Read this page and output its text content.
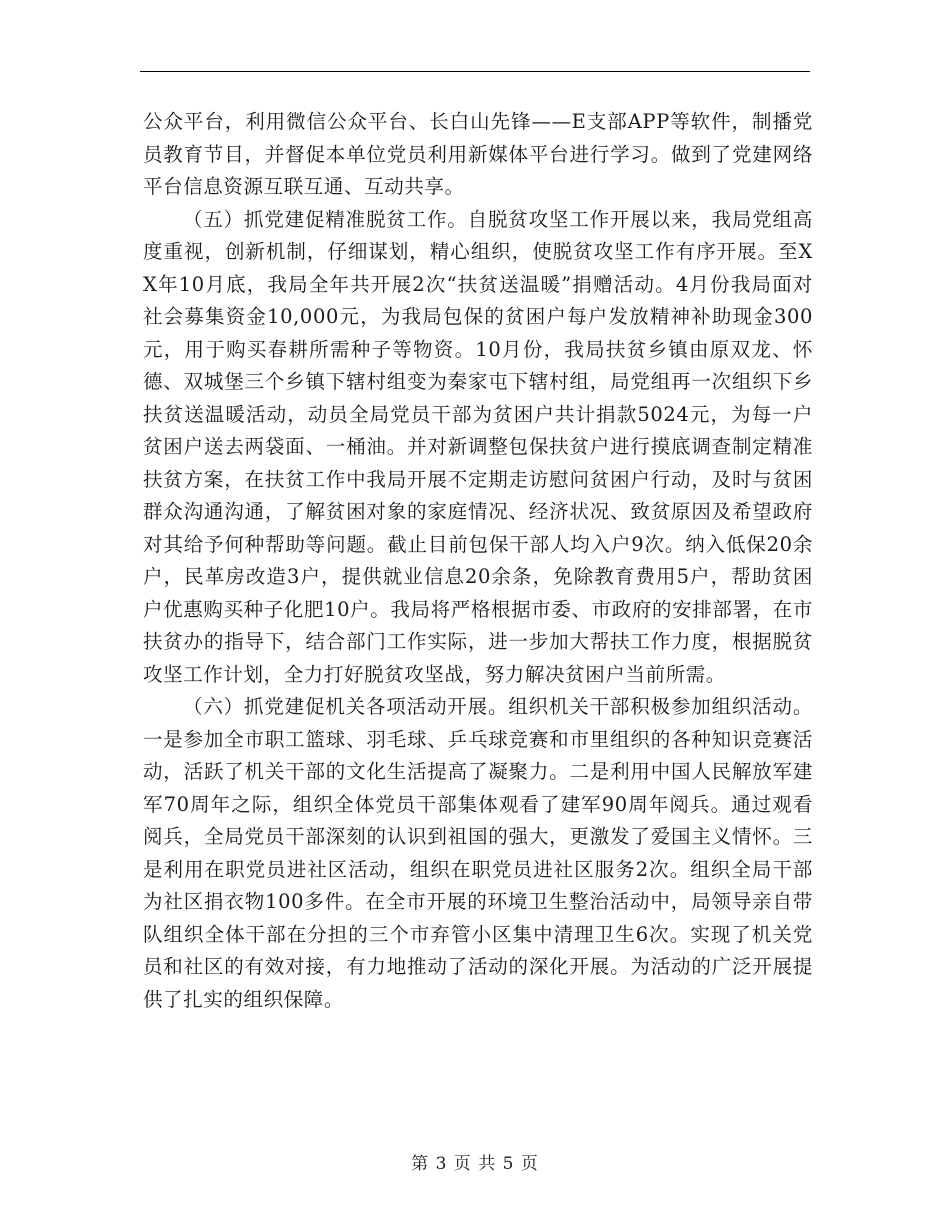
公众平台，利用微信公众平台、长白山先锋——E支部APP等软件，制播党员教育节目，并督促本单位党员利用新媒体平台进行学习。做到了党建网络平台信息资源互联互通、互动共享。

（五）抓党建促精准脱贫工作。自脱贫攻坚工作开展以来，我局党组高度重视，创新机制，仔细谋划，精心组织，使脱贫攻坚工作有序开展。至XX年10月底，我局全年共开展2次“扶贫送温暖”捐赠活动。4月份我局面对社会募集资金10,000元，为我局包保的贫困户每户发放精神补助现金300元，用于购买春耕所需种子等物资。10月份，我局扶贫乡镇由原双龙、怀德、双城堡三个乡镇下辖村组变为秦家屯下辖村组，局党组再一次组织下乡扶贫送温暖活动，动员全局党员干部为贫困户共计捐款5024元，为每一户贫困户送去两袋面、一桶油。并对新调整包保扶贫户进行摸底调查制定精准扶贫方案，在扶贫工作中我局开展不定期走访慰问贫困户行动，及时与贫困群众沟通沟通，了解贫困对象的家庭情况、经济状况、致贫原因及希望政府对其给予何种帮助等问题。截止目前包保干部人均入户9次。纳入低保20余户，民革房改造3户，提供就业信息20余条，免除教育费用5户，帮助贫困户优惠购买种子化肥10户。我局将严格根据市委、市政府的安排部署，在市扶贫办的指导下，结合部门工作实际，进一步加大帮扶工作力度，根据脱贫攻坚工作计划，全力打好脱贫攻坚战，努力解决贫困户当前所需。

（六）抓党建促机关各项活动开展。组织机关干部积极参加组织活动。一是参加全市职工篮球、羽毛球、乒乓球竞赛和市里组织的各种知识竞赛活动，活跃了机关干部的文化生活提高了凝聚力。二是利用中国人民解放军建军70周年之际，组织全体党员干部集体观看了建军90周年阅兵。通过观看阅兵，全局党员干部深刻的认识到祖国的强大，更激发了爱国主义情怀。三是利用在职党员进社区活动，组织在职党员进社区服务2次。组织全局干部为社区捐衣物100多件。在全市开展的环境卫生整治活动中，局领导亲自带队组织全体干部在分担的三个市弃管小区集中清理卫生6次。实现了机关党员和社区的有效对接，有力地推动了活动的深化开展。为活动的广泛开展提供了扎实的组织保障。

第 3 页 共 5 页
